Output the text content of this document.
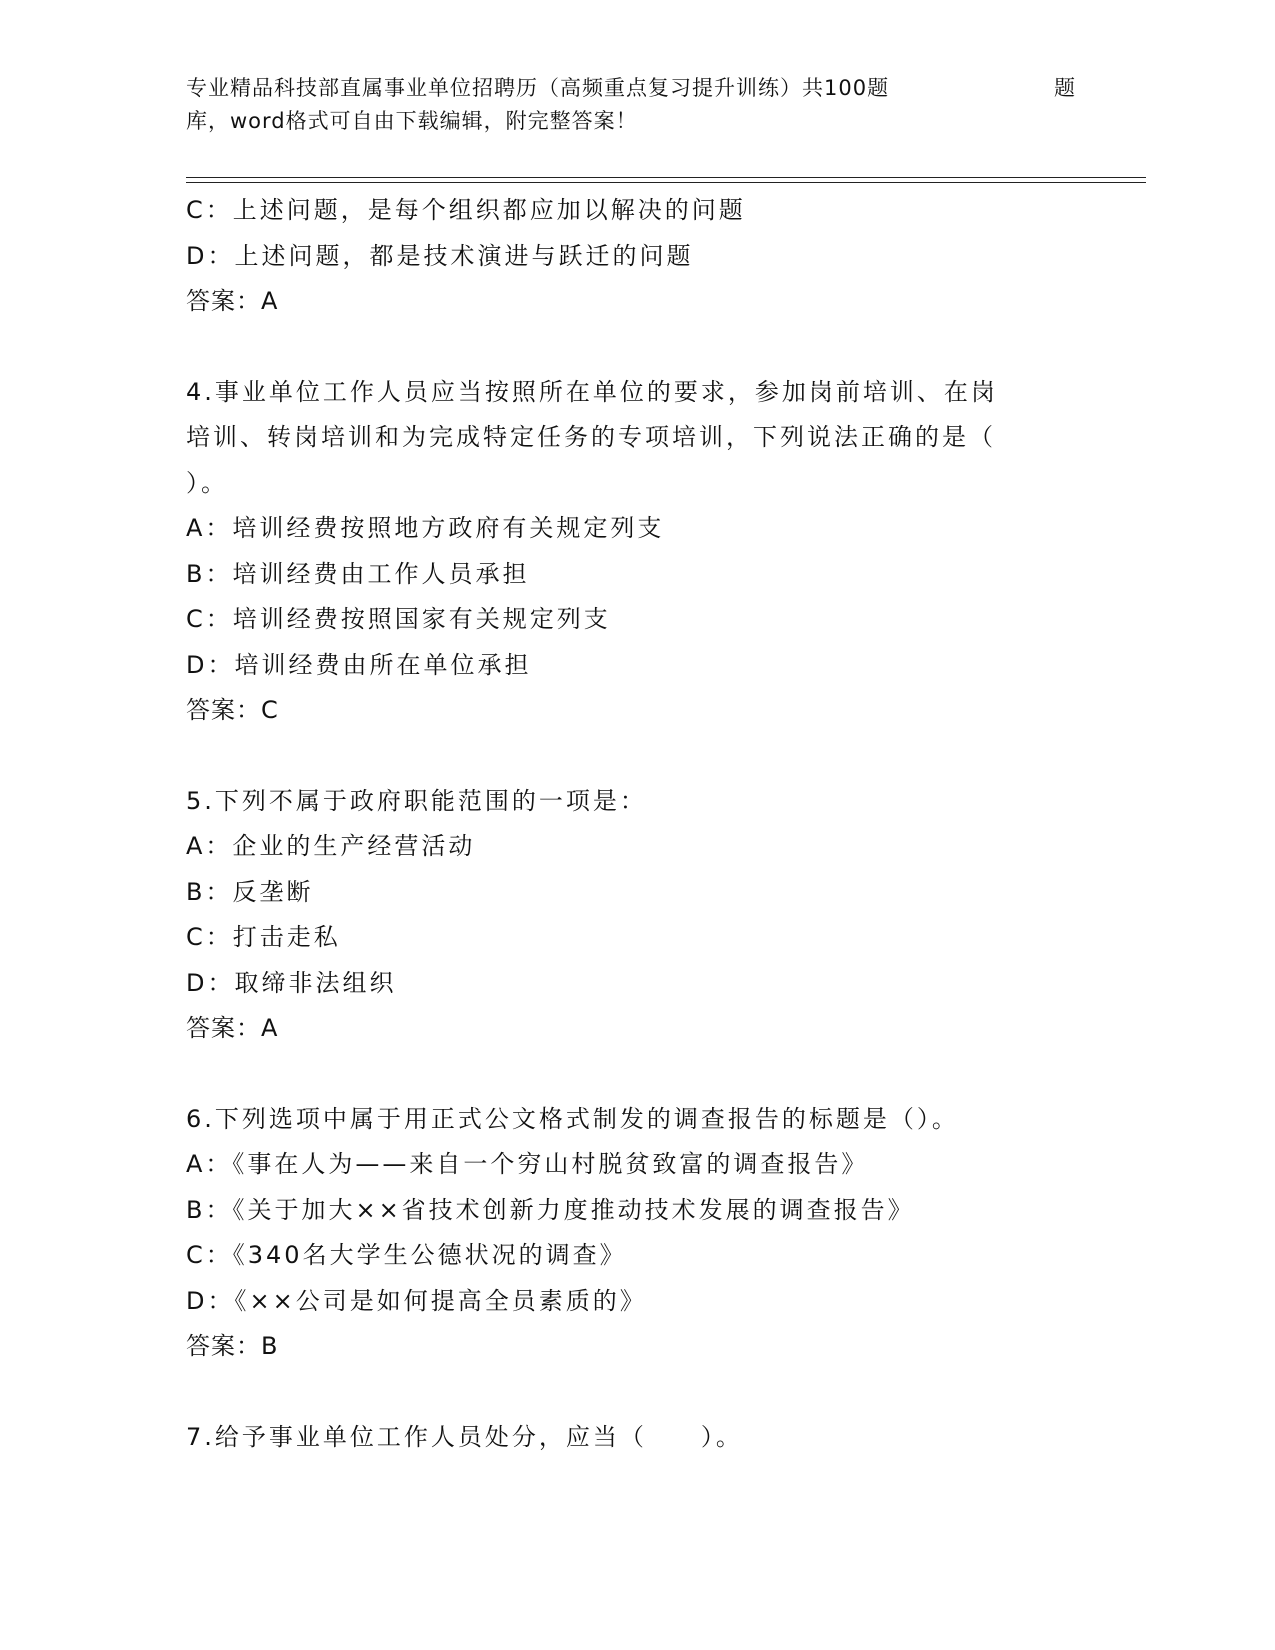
专业精品科技部直属事业单位招聘历（高频重点复习提升训练）共100题	题
库，word格式可自由下载编辑，附完整答案！
C：上述问题，是每个组织都应加以解决的问题
D：上述问题，都是技术演进与跃迁的问题
答案：A
4.事业单位工作人员应当按照所在单位的要求，参加岗前培训、在岗
培训、转岗培训和为完成特定任务的专项培训，下列说法正确的是（
）。
A：培训经费按照地方政府有关规定列支
B：培训经费由工作人员承担
C：培训经费按照国家有关规定列支
D：培训经费由所在单位承担
答案：C
5.下列不属于政府职能范围的一项是：
A：企业的生产经营活动
B：反垄断
C：打击走私
D：取缔非法组织
答案：A
6.下列选项中属于用正式公文格式制发的调查报告的标题是（）。
A：《事在人为——来自一个穷山村脱贫致富的调查报告》
B：《关于加大××省技术创新力度推动技术发展的调查报告》
C：《340名大学生公德状况的调查》
D：《××公司是如何提高全员素质的》
答案：B
7.给予事业单位工作人员处分，应当（　　）。
